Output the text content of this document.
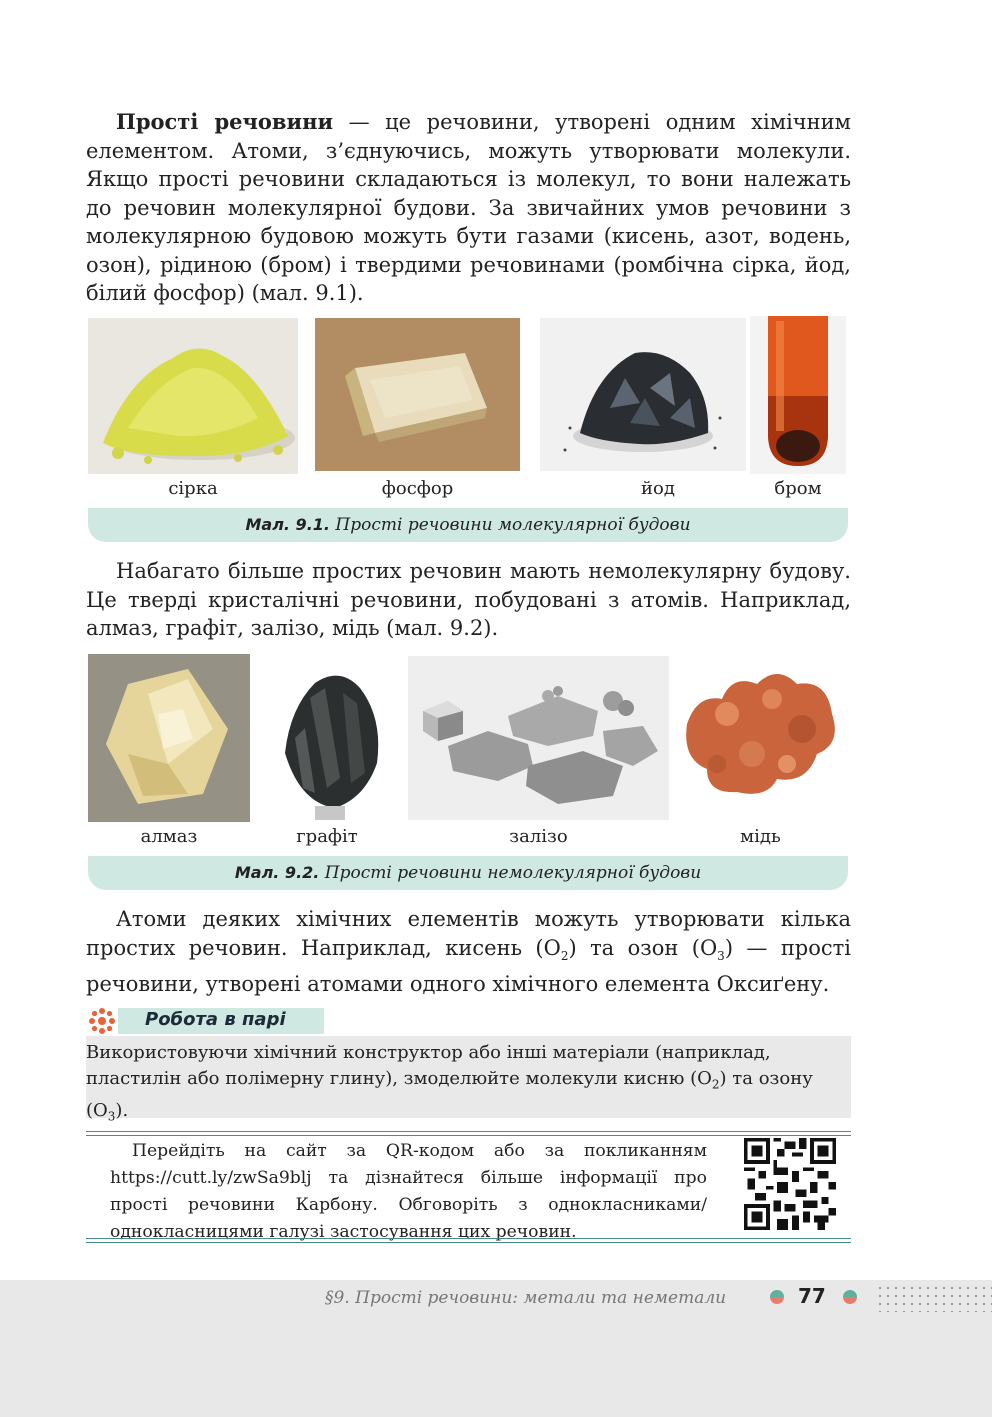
Прості речовини — це речовини, утворені одним хімічним елементом. Атоми, з’єднуючись, можуть утворювати молекули. Якщо прості речовини складаються із молекул, то вони належать до речовин молекулярної будови. За звичайних умов речовини з молекулярною будовою можуть бути газами (кисень, азот, водень, озон), рідиною (бром) і твердими речовинами (ромбічна сірка, йод, білий фосфор) (мал. 9.1).

сірка	фосфор	йод	бром
Мал. 9.1. Прості речовини молекулярної будови

Набагато більше простих речовин мають немолекулярну будову. Це тверді кристалічні речовини, побудовані з атомів. Наприклад, алмаз, графіт, залізо, мідь (мал. 9.2).

алмаз	графіт	залізо	мідь
Мал. 9.2. Прості речовини немолекулярної будови

Атоми деяких хімічних елементів можуть утворювати кілька простих речовин. Наприклад, кисень $(O_2)$ та озон $(O_3)$ — прості речовини, утворені атомами одного хімічного елемента Оксиґену.

Робота в парі

Використовуючи хімічний конструктор або інші матеріали (наприклад, пластилін або полімерну глину), змоделюйте молекули кисню $(O_2)$ та озону $(O_3)$.

Перейдіть на сайт за QR-кодом або за покликанням https://cutt.ly/zwSa9blj та дізнайтеся більше інформації про прості речовини Карбону. Обговоріть з однокласниками/однокласницями галузі застосування цих речовин.

§9. Прості речовини: метали та неметали	77
